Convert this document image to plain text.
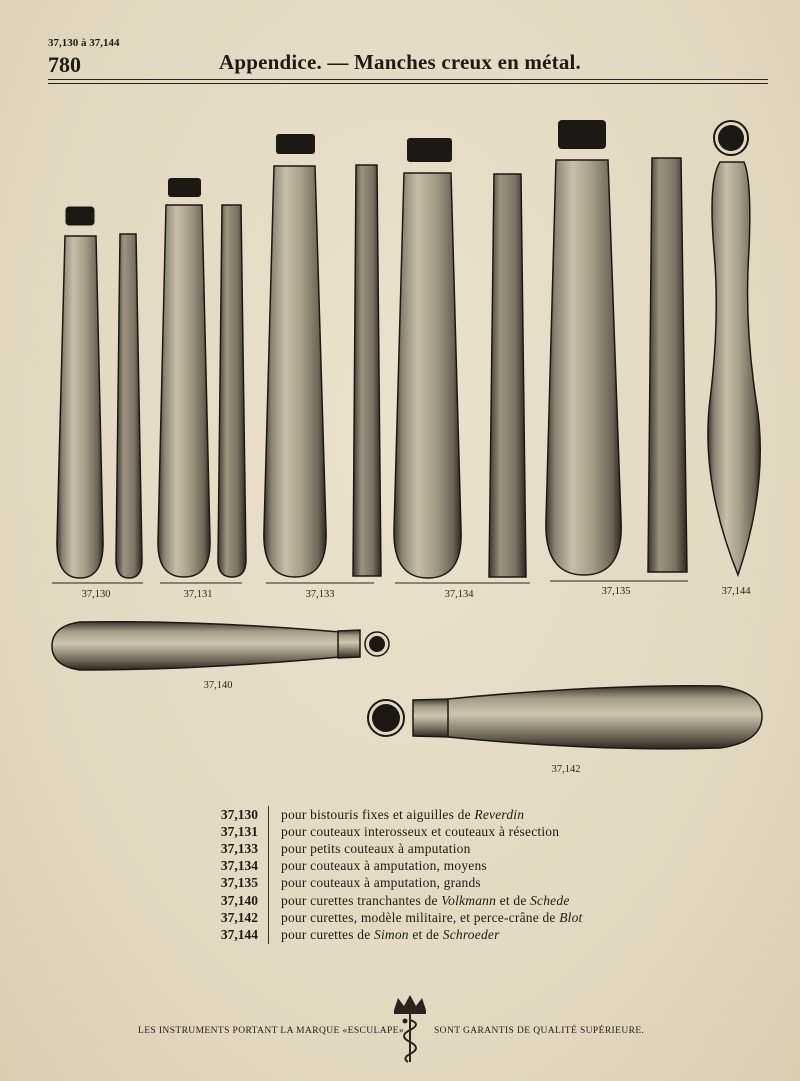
37,130 à 37,144
780	Appendice. — Manches creux en métal.
37,130	37,131	37,133	37,134	37,135	37,144
37,140
37,142
37,130	pour bistouris fixes et aiguilles de Reverdin
37,131	pour couteaux interosseux et couteaux à résection
37,133	pour petits couteaux à amputation
37,134	pour couteaux à amputation, moyens
37,135	pour couteaux à amputation, grands
37,140	pour curettes tranchantes de Volkmann et de Schede
37,142	pour curettes, modèle militaire, et perce-crâne de Blot
37,144	pour curettes de Simon et de Schroeder
LES INSTRUMENTS PORTANT LA MARQUE «ESCULAPE»	SONT GARANTIS DE QUALITÉ SUPÉRIEURE.
